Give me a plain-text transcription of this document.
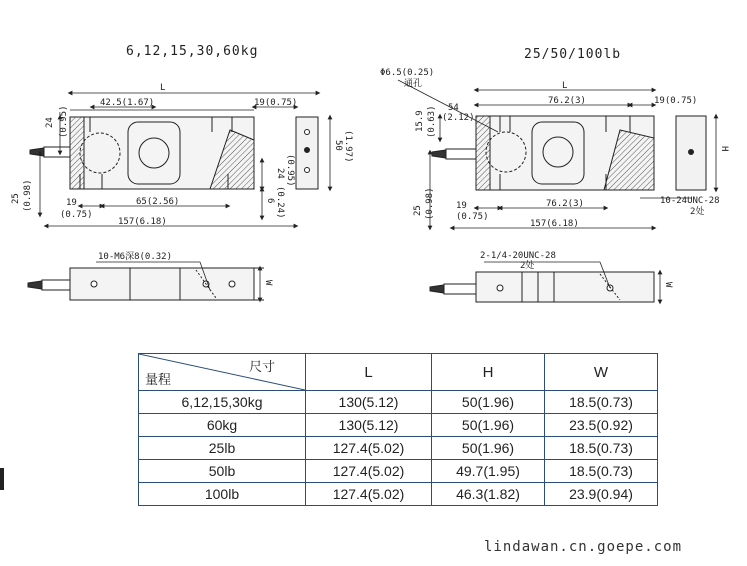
6,12,15,30,60kg	25/50/100lb
L
42.5(1.67)	19(0.75)
24 (0.95)
24 (0.95)
50 (1.97)
6 (0.24)
25 (0.98)	19
(0.75)
65(2.56)
157(6.18)
10-M6深8(0.32)
W
Φ6.5(0.25)
通孔	L
54
(2.12)
76.2(3)	19(0.75)
15.9 (0.63)
H
25 (0.98) 19
(0.75)
76.2(3)
157(6.18)
10-24UNC-28
2处
2-1/4-20UNC-28
2处
W
尺寸
量程	L	H	W
6,12,15,30kg	130(5.12)	50(1.96)	18.5(0.73)
60kg	130(5.12)	50(1.96)	23.5(0.92)
25lb	127.4(5.02)	50(1.96)	18.5(0.73)
50lb	127.4(5.02)	49.7(1.95)	18.5(0.73)
100lb	127.4(5.02)	46.3(1.82)	23.9(0.94)
lindawan.cn.goepe.com
